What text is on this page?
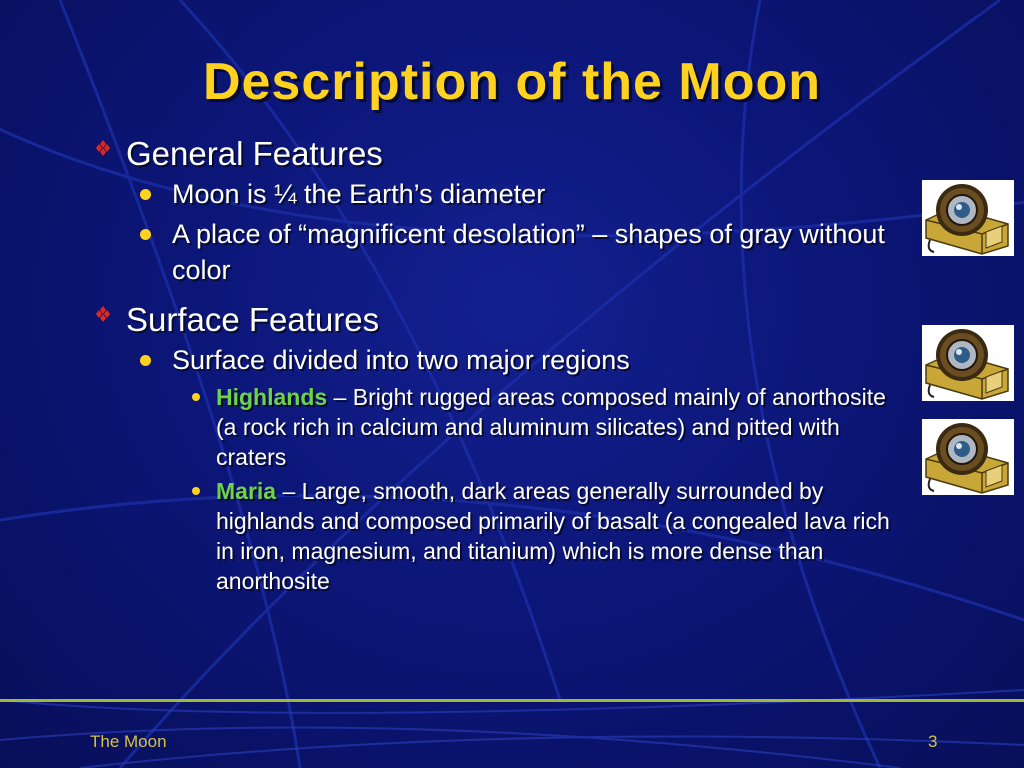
Description of the Moon
General Features
Moon is ¼ the Earth’s diameter
A place of “magnificent desolation” – shapes of gray without color
Surface Features
Surface divided into two major regions
Highlands – Bright rugged areas composed mainly of anorthosite (a rock rich in calcium and aluminum silicates) and pitted with craters
Maria – Large, smooth, dark areas generally surrounded by highlands and composed primarily of basalt (a congealed lava rich in iron, magnesium, and titanium) which is more dense than anorthosite
The Moon	3
